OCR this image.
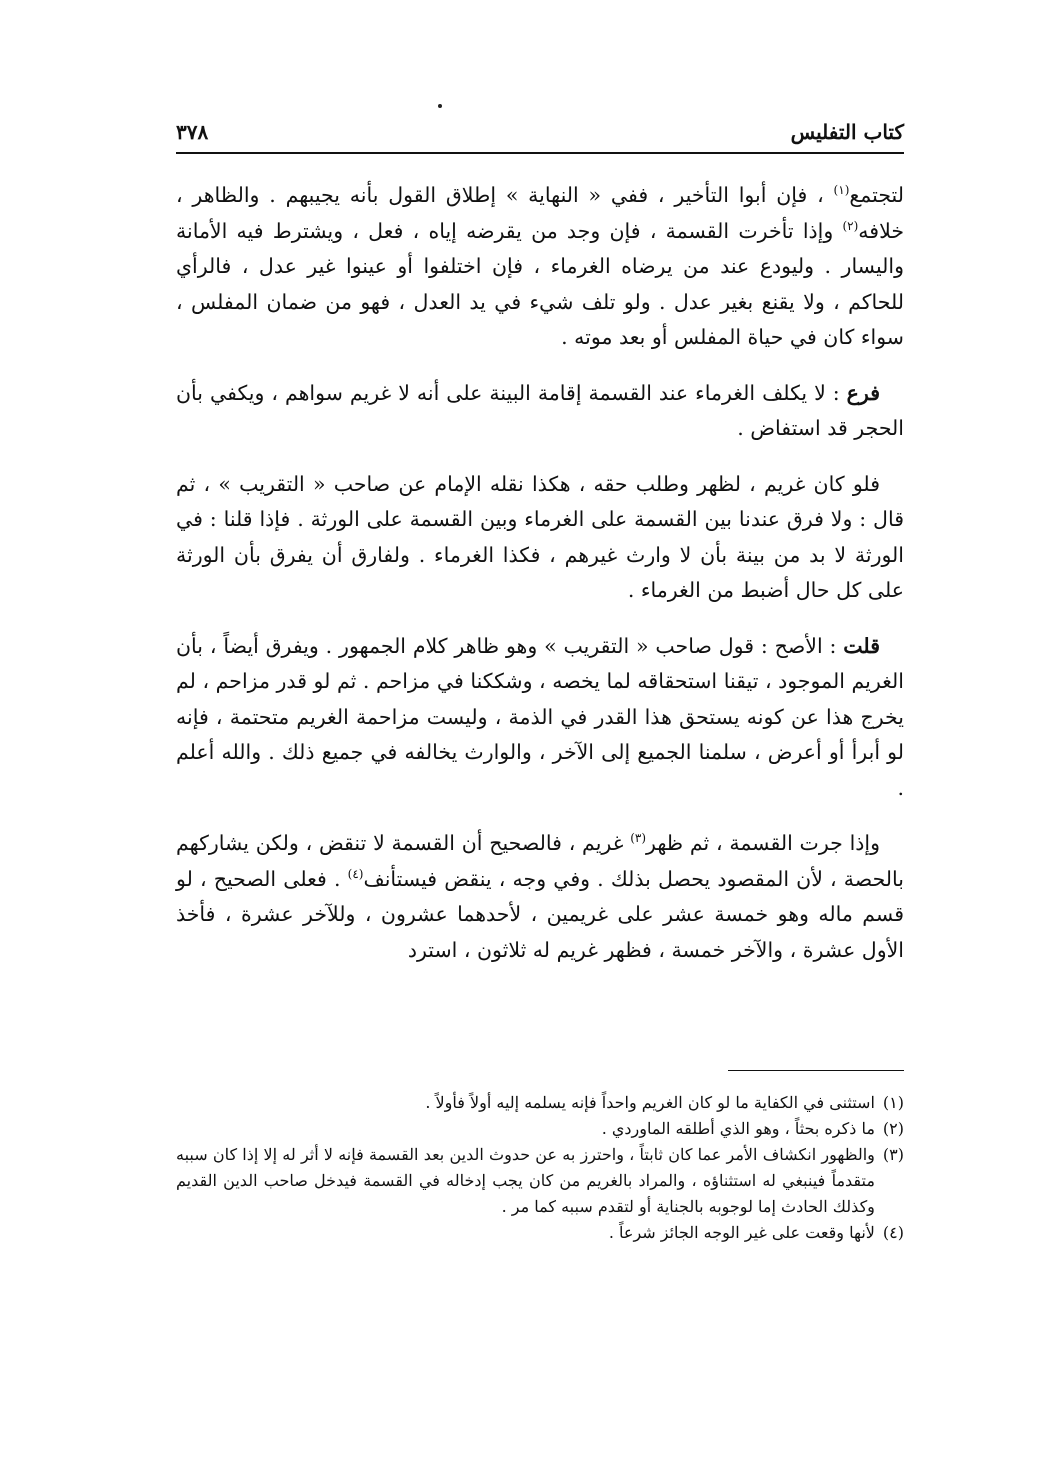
كتاب التفليس
٣٧٨

لتجتمع$^{(١)}$ ، فإن أبوا التأخير ، ففي « النهاية » إطلاق القول بأنه يجيبهم . والظاهر ، خلافه$^{(٢)}$ وإذا تأخرت القسمة ، فإن وجد من يقرضه إياه ، فعل ، ويشترط فيه الأمانة واليسار . وليودع عند من يرضاه الغرماء ، فإن اختلفوا أو عينوا غير عدل ، فالرأي للحاكم ، ولا يقنع بغير عدل . ولو تلف شيء في يد العدل ، فهو من ضمان المفلس ، سواء كان في حياة المفلس أو بعد موته .

فرع : لا يكلف الغرماء عند القسمة إقامة البينة على أنه لا غريم سواهم ، ويكفي بأن الحجر قد استفاض .

فلو كان غريم ، لظهر وطلب حقه ، هكذا نقله الإمام عن صاحب « التقريب » ، ثم قال : ولا فرق عندنا بين القسمة على الغرماء وبين القسمة على الورثة . فإذا قلنا : في الورثة لا بد من بينة بأن لا وارث غيرهم ، فكذا الغرماء . ولفارق أن يفرق بأن الورثة على كل حال أضبط من الغرماء .

قلت : الأصح : قول صاحب « التقريب » وهو ظاهر كلام الجمهور . ويفرق أيضاً ، بأن الغريم الموجود ، تيقنا استحقاقه لما يخصه ، وشككنا في مزاحم . ثم لو قدر مزاحم ، لم يخرج هذا عن كونه يستحق هذا القدر في الذمة ، وليست مزاحمة الغريم متحتمة ، فإنه لو أبرأ أو أعرض ، سلمنا الجميع إلى الآخر ، والوارث يخالفه في جميع ذلك . والله أعلم .

وإذا جرت القسمة ، ثم ظهر$^{(٣)}$ غريم ، فالصحيح أن القسمة لا تنقض ، ولكن يشاركهم بالحصة ، لأن المقصود يحصل بذلك . وفي وجه ، ينقض فيستأنف$^{(٤)}$ . فعلى الصحيح ، لو قسم ماله وهو خمسة عشر على غريمين ، لأحدهما عشرون ، وللآخر عشرة ، فأخذ الأول عشرة ، والآخر خمسة ، فظهر غريم له ثلاثون ، استرد

(١)
استثنى في الكفاية ما لو كان الغريم واحداً فإنه يسلمه إليه أولاً فأولاً .
(٢)
ما ذكره بحثاً ، وهو الذي أطلقه الماوردي .
(٣)
والظهور انكشاف الأمر عما كان ثابتاً ، واحترز به عن حدوث الدين بعد القسمة فإنه لا أثر له إلا إذا كان سببه متقدماً فينبغي له استثناؤه ، والمراد بالغريم من كان يجب إدخاله في القسمة فيدخل صاحب الدين القديم وكذلك الحادث إما لوجوبه بالجناية أو لتقدم سببه كما مر .
(٤)
لأنها وقعت على غير الوجه الجائز شرعاً .
